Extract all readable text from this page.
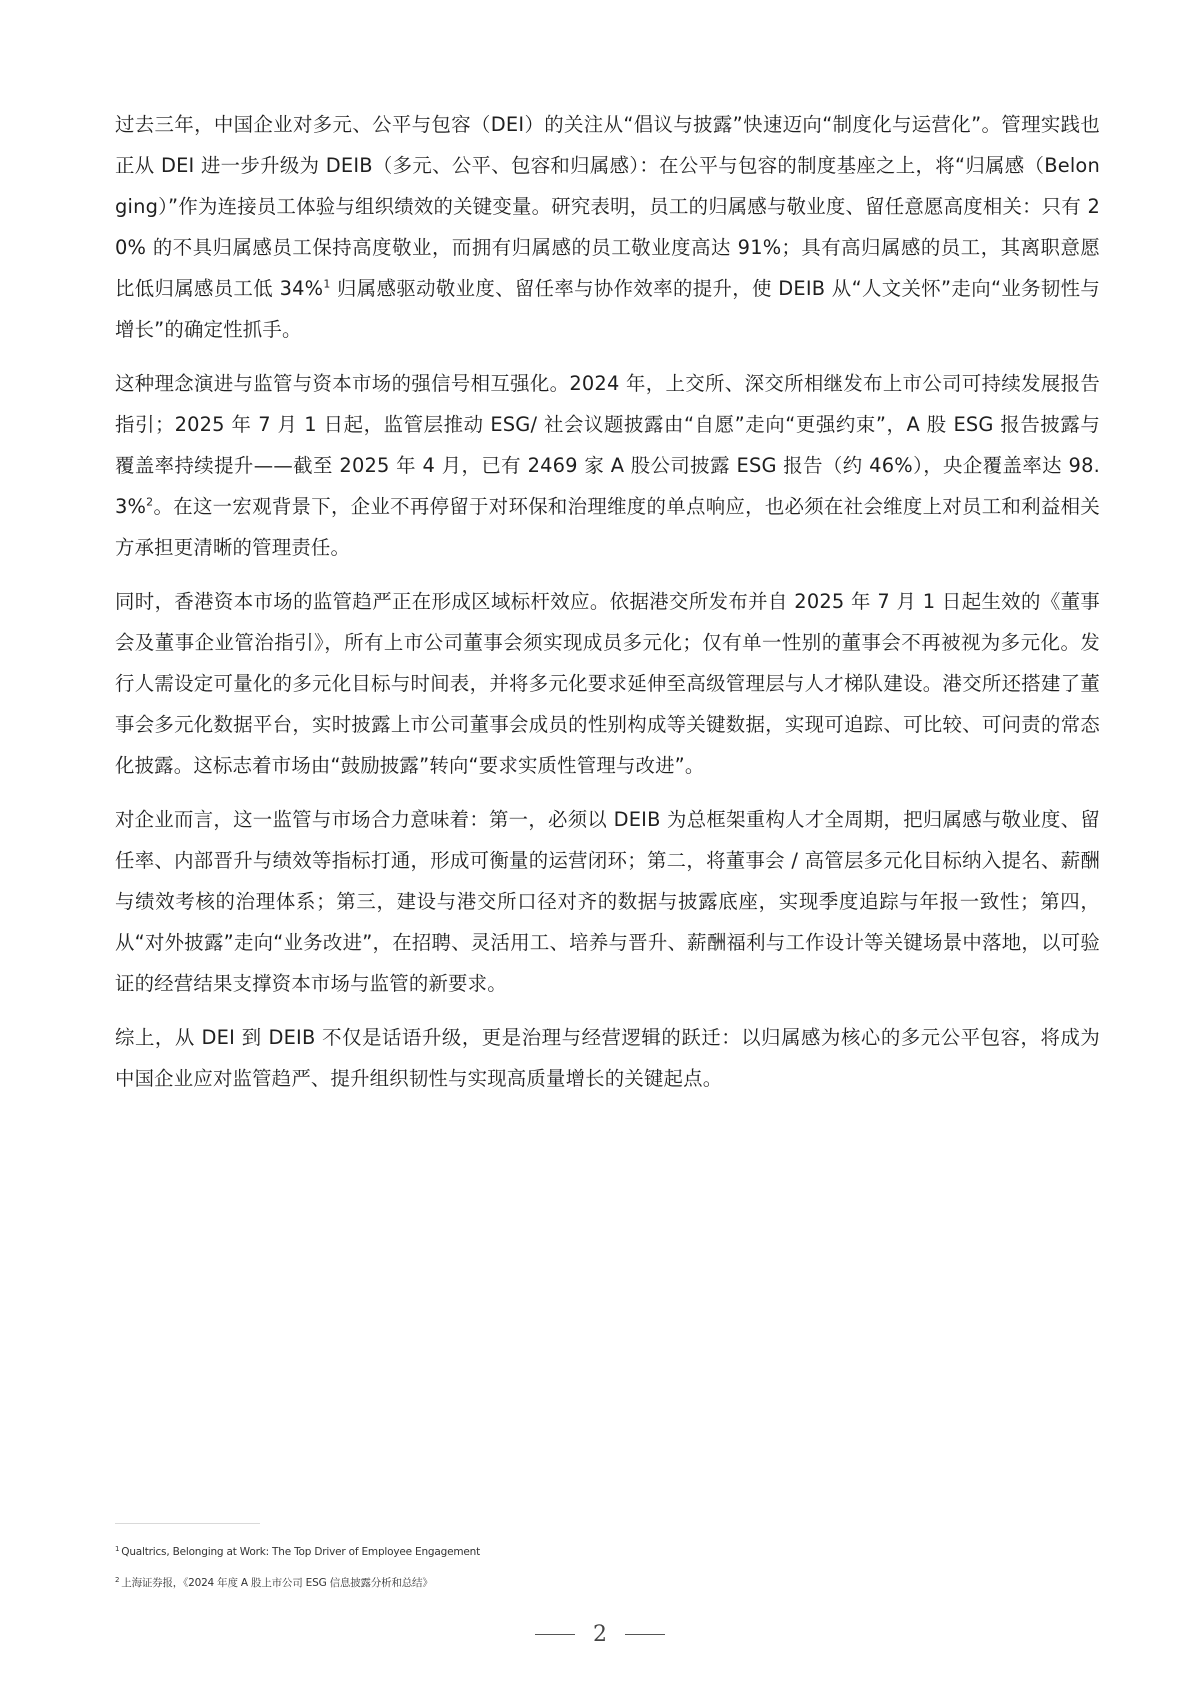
过去三年，中国企业对多元、公平与包容（DEI）的关注从“倡议与披露”快速迈向“制度化与运营化”。管理实践也正从 DEI 进一步升级为 DEIB（多元、公平、包容和归属感）：在公平与包容的制度基座之上，将“归属感（Belonging）”作为连接员工体验与组织绩效的关键变量。研究表明，员工的归属感与敬业度、留任意愿高度相关：只有 20% 的不具归属感员工保持高度敬业，而拥有归属感的员工敬业度高达 91%；具有高归属感的员工，其离职意愿比低归属感员工低 34%$^1$ 归属感驱动敬业度、留任率与协作效率的提升，使 DEIB 从“人文关怀”走向“业务韧性与增长”的确定性抓手。

这种理念演进与监管与资本市场的强信号相互强化。2024 年，上交所、深交所相继发布上市公司可持续发展报告指引；2025 年 7 月 1 日起，监管层推动 ESG/ 社会议题披露由“自愿”走向“更强约束”，A 股 ESG 报告披露与覆盖率持续提升——截至 2025 年 4 月，已有 2469 家 A 股公司披露 ESG 报告（约 46%），央企覆盖率达 98.3%$^2$。在这一宏观背景下，企业不再停留于对环保和治理维度的单点响应，也必须在社会维度上对员工和利益相关方承担更清晰的管理责任。

同时，香港资本市场的监管趋严正在形成区域标杆效应。依据港交所发布并自 2025 年 7 月 1 日起生效的《董事会及董事企业管治指引》，所有上市公司董事会须实现成员多元化；仅有单一性别的董事会不再被视为多元化。发行人需设定可量化的多元化目标与时间表，并将多元化要求延伸至高级管理层与人才梯队建设。港交所还搭建了董事会多元化数据平台，实时披露上市公司董事会成员的性别构成等关键数据，实现可追踪、可比较、可问责的常态化披露。这标志着市场由“鼓励披露”转向“要求实质性管理与改进”。

对企业而言，这一监管与市场合力意味着：第一，必须以 DEIB 为总框架重构人才全周期，把归属感与敬业度、留任率、内部晋升与绩效等指标打通，形成可衡量的运营闭环；第二，将董事会 / 高管层多元化目标纳入提名、薪酬与绩效考核的治理体系；第三，建设与港交所口径对齐的数据与披露底座，实现季度追踪与年报一致性；第四，从“对外披露”走向“业务改进”，在招聘、灵活用工、培养与晋升、薪酬福利与工作设计等关键场景中落地，以可验证的经营结果支撑资本市场与监管的新要求。

综上，从 DEI 到 DEIB 不仅是话语升级，更是治理与经营逻辑的跃迁：以归属感为核心的多元公平包容，将成为中国企业应对监管趋严、提升组织韧性与实现高质量增长的关键起点。

$^1$ Qualtrics, Belonging at Work: The Top Driver of Employee Engagement
$^2$ 上海证券报，《2024 年度 A 股上市公司 ESG 信息披露分析和总结》
2
